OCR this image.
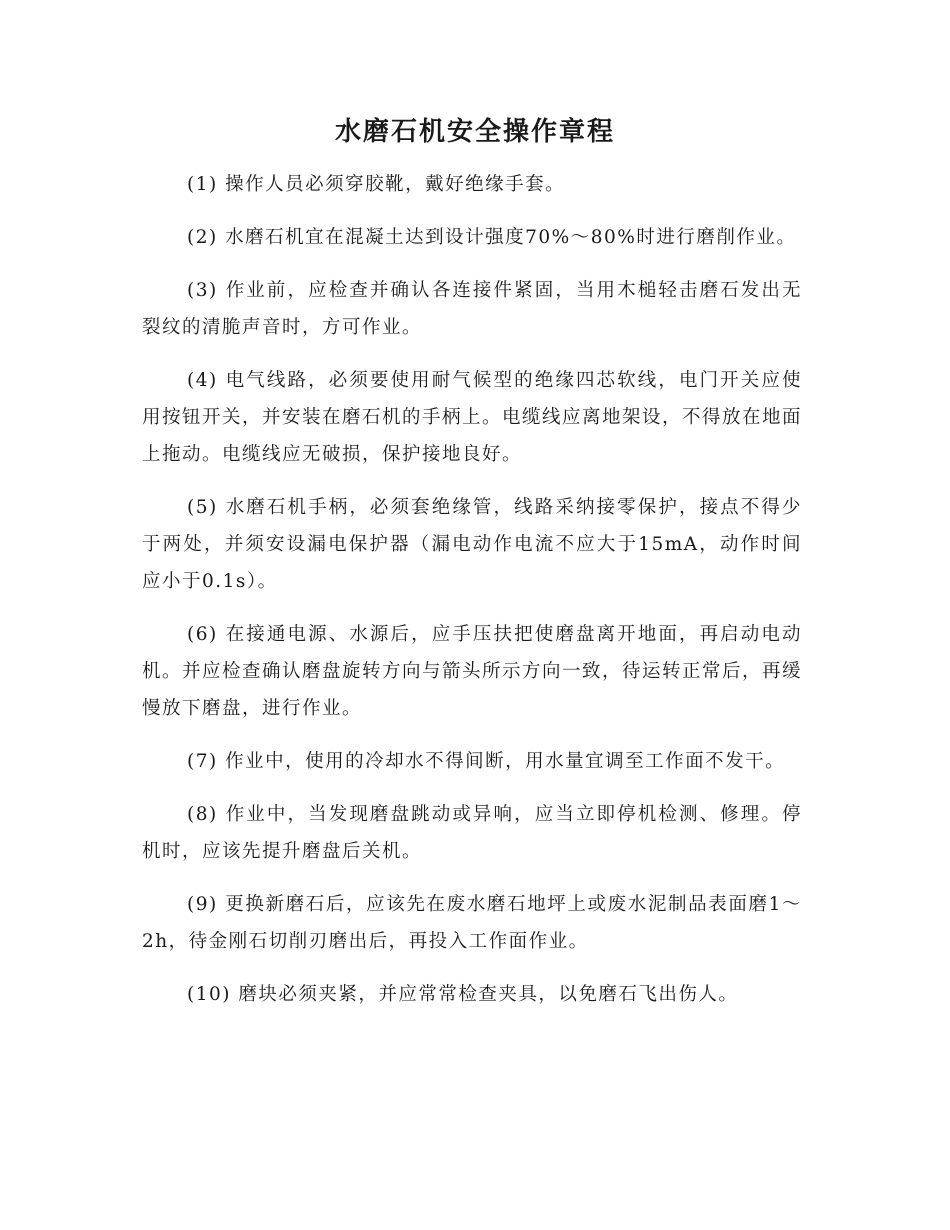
水磨石机安全操作章程

(1) 操作人员必须穿胶靴，戴好绝缘手套。

(2) 水磨石机宜在混凝土达到设计强度70%～80%时进行磨削作业。

(3) 作业前，应检查并确认各连接件紧固，当用木槌轻击磨石发出无裂纹的清脆声音时，方可作业。

(4) 电气线路，必须要使用耐气候型的绝缘四芯软线，电门开关应使用按钮开关，并安装在磨石机的手柄上。电缆线应离地架设，不得放在地面上拖动。电缆线应无破损，保护接地良好。

(5) 水磨石机手柄，必须套绝缘管，线路采纳接零保护，接点不得少于两处，并须安设漏电保护器（漏电动作电流不应大于15mA，动作时间应小于0.1s）。

(6) 在接通电源、水源后，应手压扶把使磨盘离开地面，再启动电动机。并应检查确认磨盘旋转方向与箭头所示方向一致，待运转正常后，再缓慢放下磨盘，进行作业。

(7) 作业中，使用的冷却水不得间断，用水量宜调至工作面不发干。

(8) 作业中，当发现磨盘跳动或异响，应当立即停机检测、修理。停机时，应该先提升磨盘后关机。

(9) 更换新磨石后，应该先在废水磨石地坪上或废水泥制品表面磨1～2h，待金刚石切削刃磨出后，再投入工作面作业。

(10) 磨块必须夹紧，并应常常检查夹具，以免磨石飞出伤人。
